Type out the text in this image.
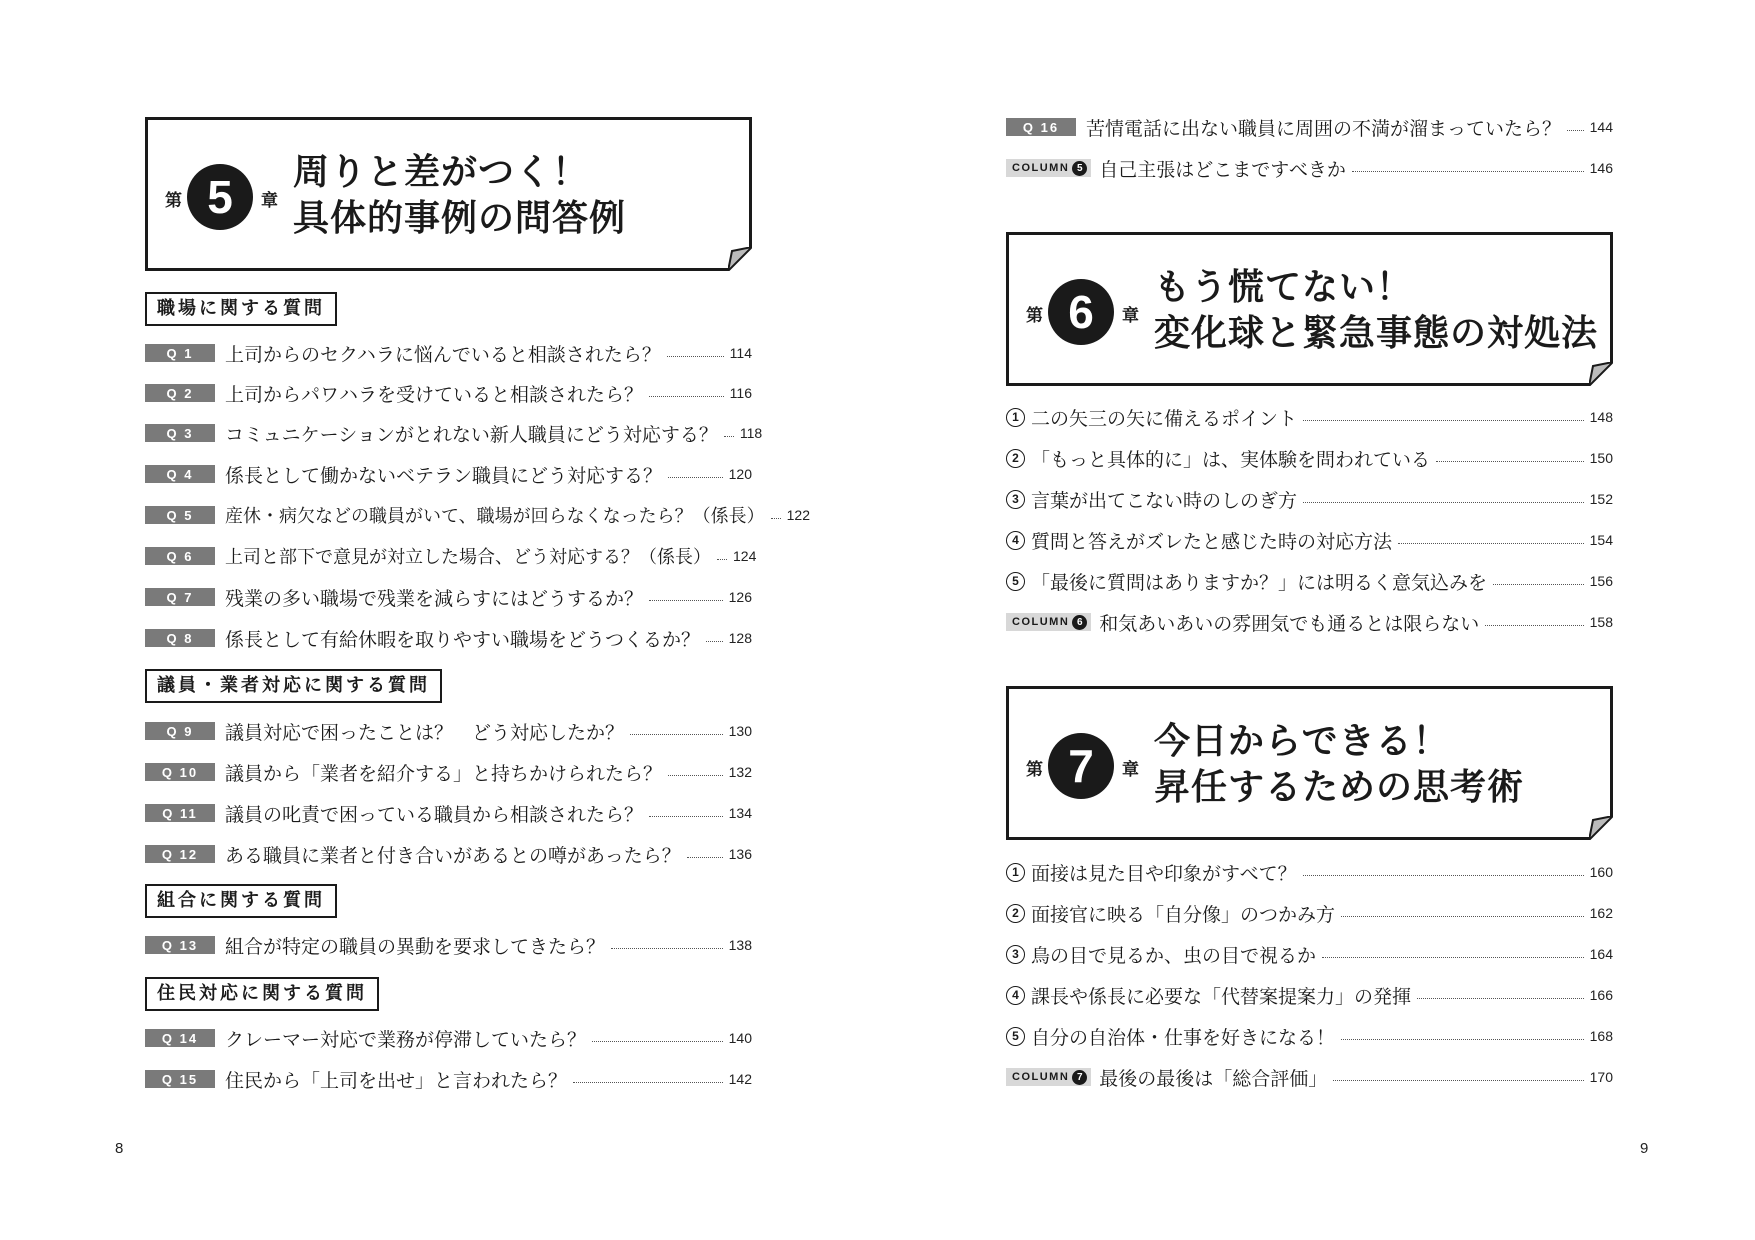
第 5	章
周りと差がつく！
具体的事例の問答例
職場に関する質問
Q 1	上司からのセクハラに悩んでいると相談されたら？	114
Q 2	上司からパワハラを受けていると相談されたら？	116
Q 3	コミュニケーションがとれない新人職員にどう対応する？ 118
Q 4	係長として働かないベテラン職員にどう対応する？	120
Q 5	産休・病欠などの職員がいて、職場が回らなくなったら？（係長） 122
Q 6	上司と部下で意見が対立した場合、どう対応する？（係長） 124
Q 7	残業の多い職場で残業を減らすにはどうするか？	126
Q 8	係長として有給休暇を取りやすい職場をどうつくるか？ 128
議員・業者対応に関する質問
Q 9	議員対応で困ったことは？　どう対応したか？	130
Q 10	議員から「業者を紹介する」と持ちかけられたら？	132
Q 11	議員の叱責で困っている職員から相談されたら？	134
Q 12	ある職員に業者と付き合いがあるとの噂があったら？	136
組合に関する質問
Q 13	組合が特定の職員の異動を要求してきたら？	138
住民対応に関する質問
Q 14	クレーマー対応で業務が停滞していたら？	140
Q 15	住民から「上司を出せ」と言われたら？	142
8
Q 16	苦情電話に出ない職員に周囲の不満が溜まっていたら？ 144
COLUMN 5 自己主張はどこまですべきか	146
第 6	章
もう慌てない！
変化球と緊急事態の対処法
1 二の矢三の矢に備えるポイント	148
2 「もっと具体的に」は、実体験を問われている	150
3 言葉が出てこない時のしのぎ方	152
4 質問と答えがズレたと感じた時の対応方法	154
5 「最後に質問はありますか？」には明るく意気込みを	156
COLUMN 6 和気あいあいの雰囲気でも通るとは限らない	158
第 7	章
今日からできる！
昇任するための思考術
1 面接は見た目や印象がすべて？	160
2 面接官に映る「自分像」のつかみ方	162
3 鳥の目で見るか、虫の目で視るか	164
4 課長や係長に必要な「代替案提案力」の発揮	166
5 自分の自治体・仕事を好きになる！	168
COLUMN 7 最後の最後は「総合評価」	170
9
